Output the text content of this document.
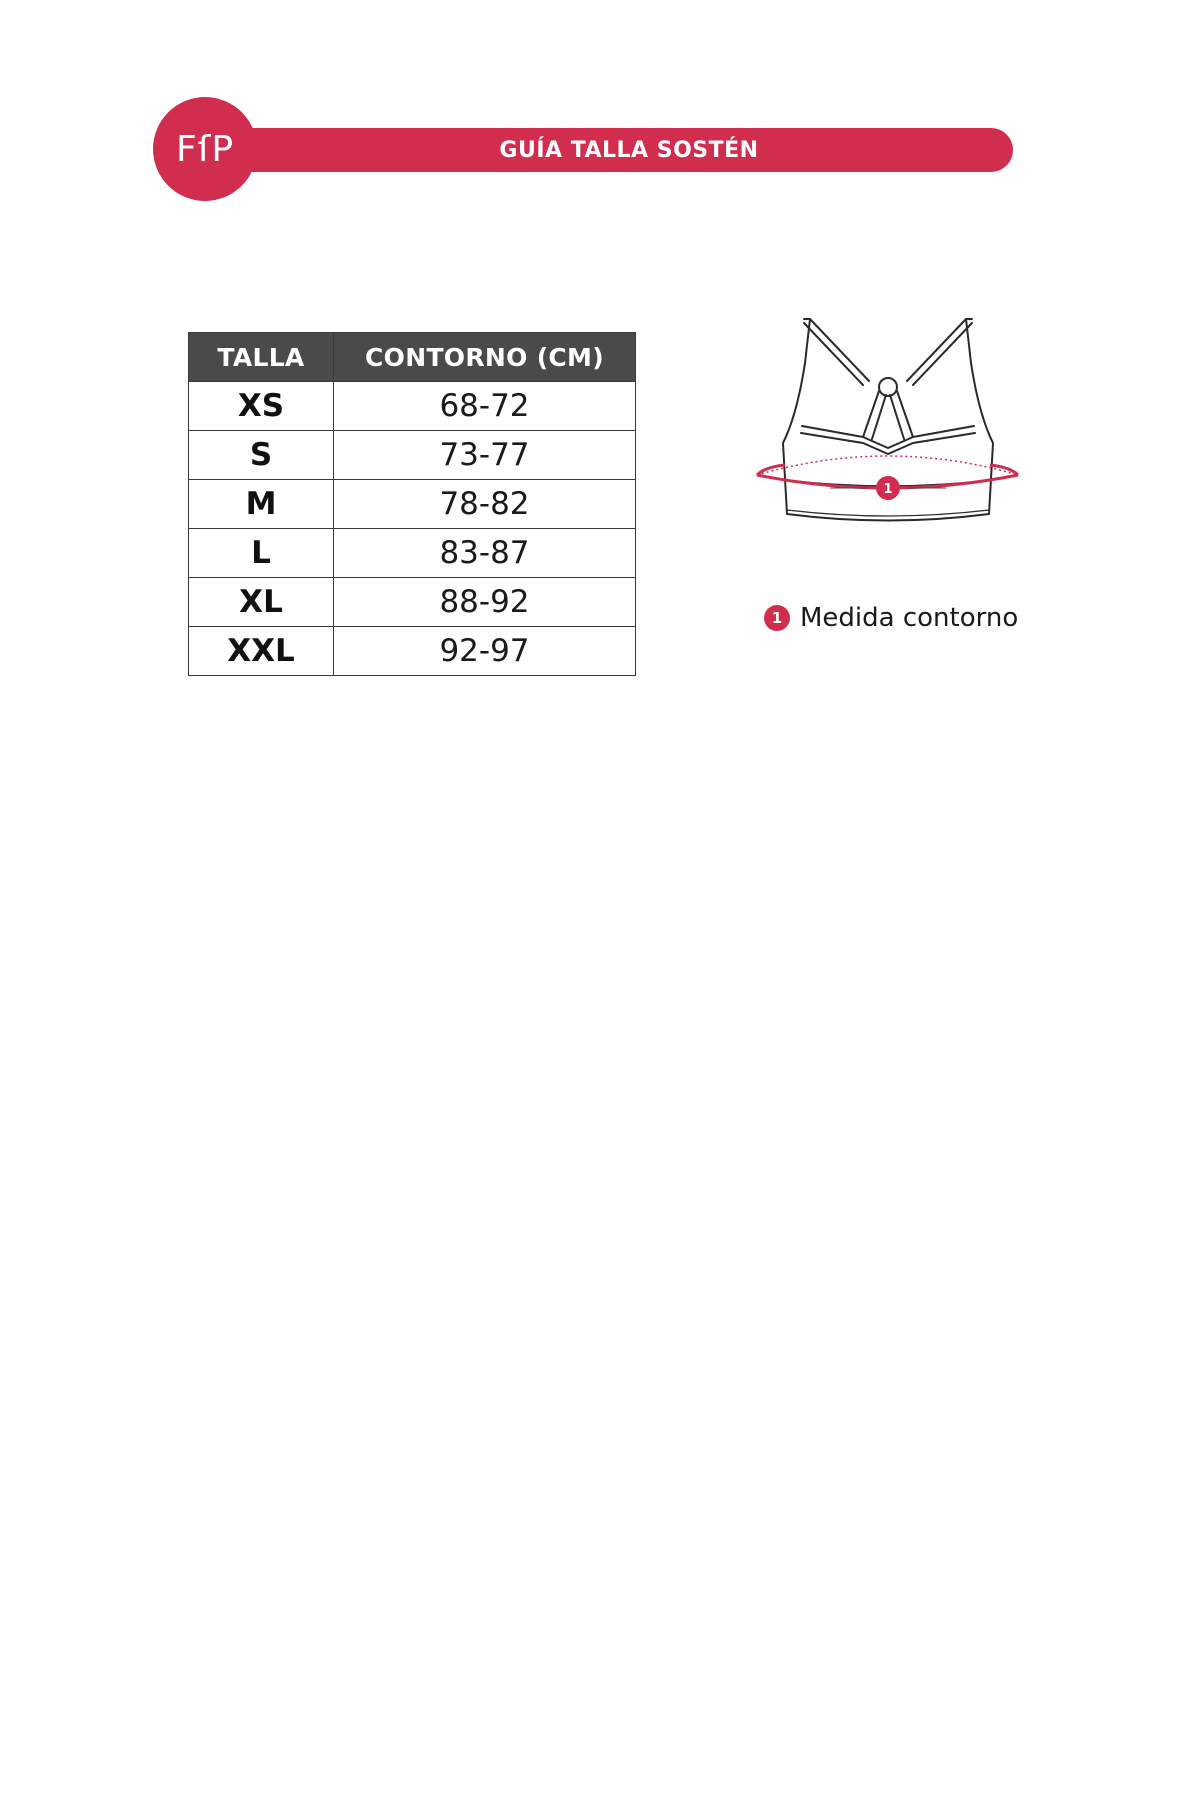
GUÍA TALLA SOSTÉN
FſP
TALLA	CONTORNO (CM)
XS	68-72
S	73-77
M	78-82
L	83-87
XL	88-92
XXL	92-97
1
1 Medida contorno
